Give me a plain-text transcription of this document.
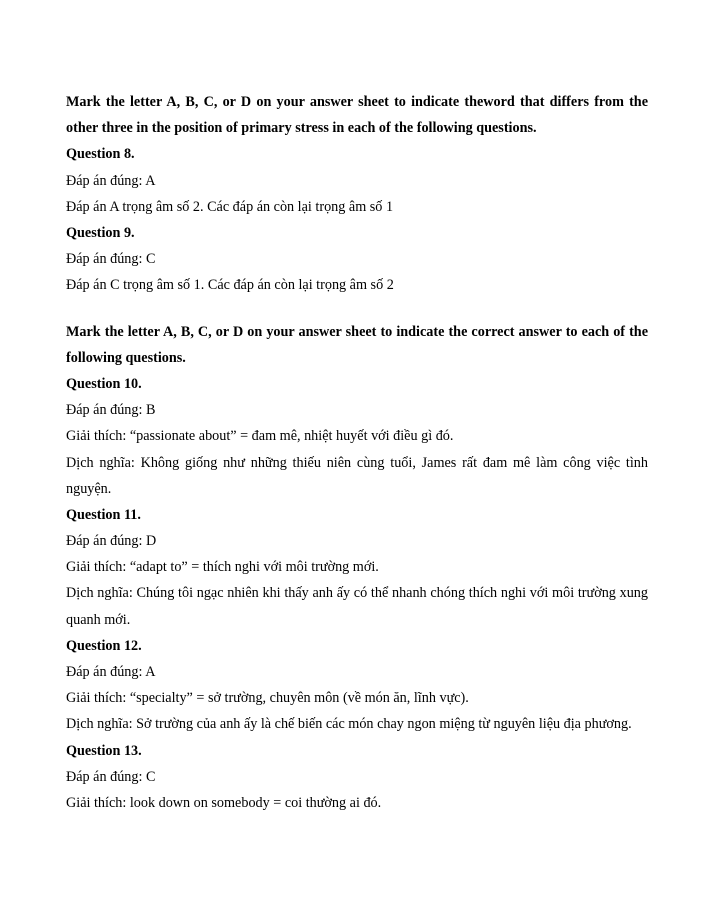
Mark the letter A, B, C, or D on your answer sheet to indicate theword that differs from the other three in the position of primary stress in each of the following questions.
Question 8.
Đáp án đúng: A
Đáp án A trọng âm số 2. Các đáp án còn lại trọng âm số 1
Question 9.
Đáp án đúng: C
Đáp án C trọng âm số 1. Các đáp án còn lại trọng âm số 2
Mark the letter A, B, C, or D on your answer sheet to indicate the correct answer to each of the following questions.
Question 10.
Đáp án đúng: B
Giải thích: “passionate about” = đam mê, nhiệt huyết với điều gì đó.
Dịch nghĩa: Không giống như những thiếu niên cùng tuổi, James rất đam mê làm công việc tình nguyện.
Question 11.
Đáp án đúng: D
Giải thích: “adapt to” = thích nghi với môi trường mới.
Dịch nghĩa: Chúng tôi ngạc nhiên khi thấy anh ấy có thể nhanh chóng thích nghi với môi trường xung quanh mới.
Question 12.
Đáp án đúng: A
Giải thích: “specialty” = sở trường, chuyên môn (về món ăn, lĩnh vực).
Dịch nghĩa: Sở trường của anh ấy là chế biến các món chay ngon miệng từ nguyên liệu địa phương.
Question 13.
Đáp án đúng: C
Giải thích: look down on somebody = coi thường ai đó.
